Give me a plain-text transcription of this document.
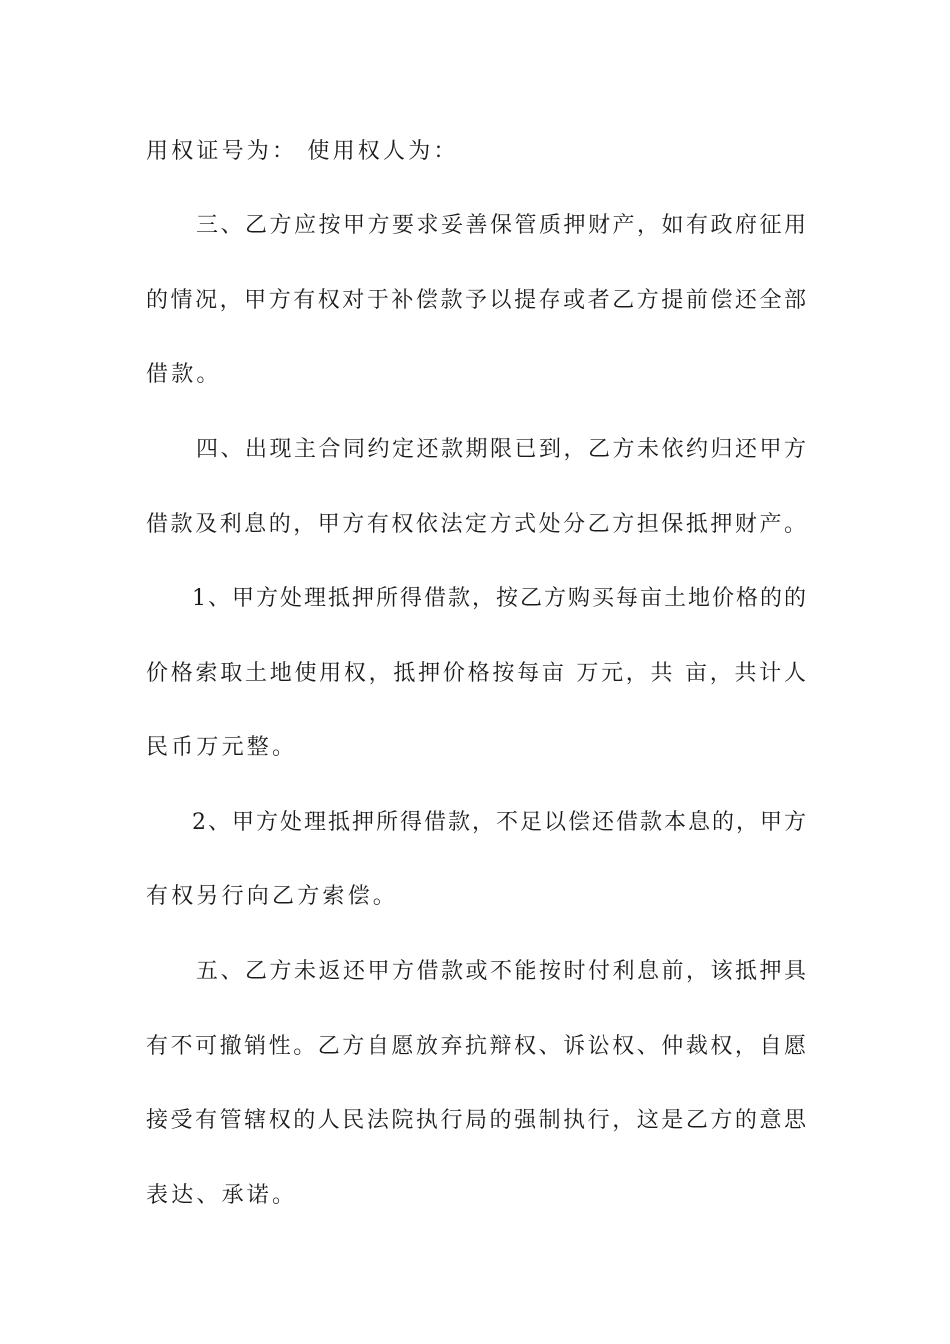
用权证号为： 使用权人为：
三、乙方应按甲方要求妥善保管质押财产，如有政府征用
的情况，甲方有权对于补偿款予以提存或者乙方提前偿还全部
借款。
四、出现主合同约定还款期限已到，乙方未依约归还甲方
借款及利息的，甲方有权依法定方式处分乙方担保抵押财产。
1、甲方处理抵押所得借款，按乙方购买每亩土地价格的的
价格索取土地使用权，抵押价格按每亩 万元，共 亩，共计人
民币万元整。
2、甲方处理抵押所得借款，不足以偿还借款本息的，甲方
有权另行向乙方索偿。
五、乙方未返还甲方借款或不能按时付利息前，该抵押具
有不可撤销性。乙方自愿放弃抗辩权、诉讼权、仲裁权，自愿
接受有管辖权的人民法院执行局的强制执行，这是乙方的意思
表达、承诺。
